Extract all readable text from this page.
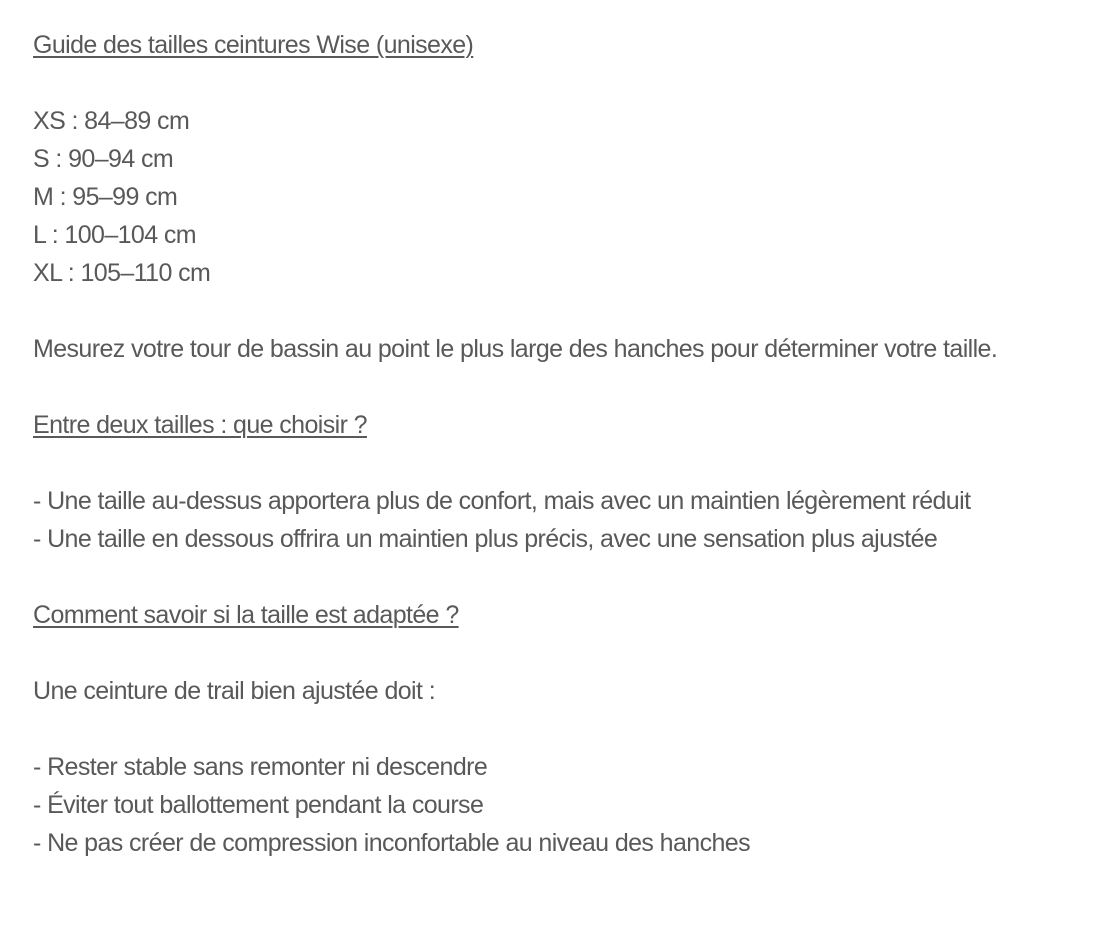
Guide des tailles ceintures Wise (unisexe)
XS : 84–89 cm
S : 90–94 cm
M : 95–99 cm
L : 100–104 cm
XL : 105–110 cm

Mesurez votre tour de bassin au point le plus large des hanches pour déterminer votre taille.

Entre deux tailles : que choisir ?
- Une taille au-dessus apportera plus de confort, mais avec un maintien légèrement réduit
- Une taille en dessous offrira un maintien plus précis, avec une sensation plus ajustée
Comment savoir si la taille est adaptée ?
Une ceinture de trail bien ajustée doit :
- Rester stable sans remonter ni descendre
- Éviter tout ballottement pendant la course
- Ne pas créer de compression inconfortable au niveau des hanches
